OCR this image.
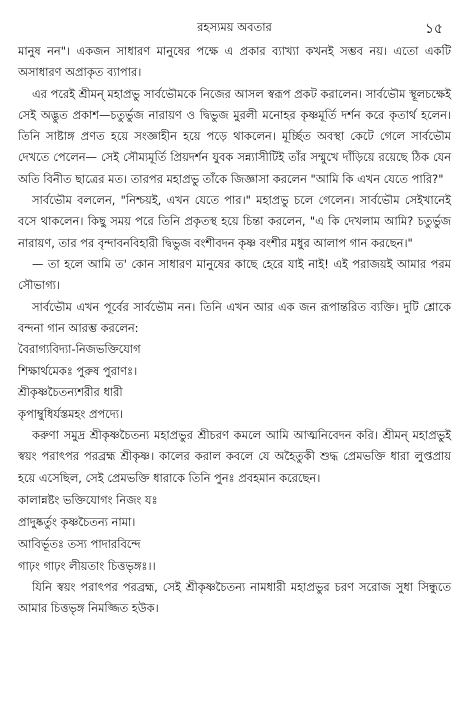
রহস্যময় অবতার	১৫

মানুষ নন"। একজন সাধারণ মানুষের পক্ষে এ প্রকার ব্যাখ্যা কখনই সম্ভব নয়। এতো একটি অসাধারণ অপ্রাকৃত ব্যাপার।

এর পরেই শ্রীমন্‌ মহাপ্রভু সার্বভৌমকে নিজের আসল স্বরূপ প্রকট করালেন। সার্বভৌম স্থূলচক্ষেই সেই অদ্ভুত প্রকাশ—চতুর্ভুজ নারায়ণ ও দ্বিভুজ মুরলী মনোহর কৃষ্ণমূর্তি দর্শন করে কৃতার্থ হলেন। তিনি সাষ্টাঙ্গ প্রণত হয়ে সংজ্ঞাহীন হয়ে পড়ে থাকলেন। মূর্চ্ছিত অবস্থা কেটে গেলে সার্বভৌম দেখতে পেলেন— সেই সৌম্যমূর্তি প্রিয়দর্শন যুবক সন্ন্যাসীটিই তাঁর সম্মুখে দাঁড়িয়ে রয়েছে ঠিক যেন অতি বিনীত ছাত্রের মত। তারপর মহাপ্রভু তাঁকে জিজ্ঞাসা করলেন "আমি কি এখন যেতে পারি?"

সার্বভৌম বললেন, "নিশ্চয়ই, এখন যেতে পার।" মহাপ্রভু চলে গেলেন। সার্বভৌম সেইখানেই বসে থাকলেন। কিছু সময় পরে তিনি প্রকৃতস্থ হয়ে চিন্তা করলেন, "এ কি দেখলাম আমি? চতুর্ভুজ নারায়ণ, তার পর বৃন্দাবনবিহারী দ্বিভুজ বংশীবদন কৃষ্ণ বংশীর মধুর আলাপ গান করছেন।"

— তা হলে আমি ত' কোন সাধারণ মানুষের কাছে হেরে যাই নাই! এই পরাজয়ই আমার পরম সৌভাগ্য।

সার্বভৌম এখন পূর্বের সার্বভৌম নন। তিনি এখন আর এক জন রূপান্তরিত ব্যক্তি। দুটি শ্লোকে বন্দনা গান আরম্ভ করলেন:

বৈরাগ্যবিদ্যা-নিজভক্তিযোগ

শিক্ষার্থমেকঃ পুরুষ পুরাণঃ।

শ্রীকৃষ্ণচৈতন্যশরীর ধারী

কৃপাম্বুধির্যস্তমহং প্রপদ্যে।

করুণা সমুদ্র শ্রীকৃষ্ণচৈতন্য মহাপ্রভুর শ্রীচরণ কমলে আমি আত্মনিবেদন করি। শ্রীমন্‌ মহাপ্রভুই স্বয়ং পরাৎপর পরব্রহ্ম শ্রীকৃষ্ণ। কালের করাল কবলে যে অহৈতুকী শুদ্ধ প্রেমভক্তি ধারা লুপ্তপ্রায় হয়ে এসেছিল, সেই প্রেমভক্তি ধারাকে তিনি পুনঃ প্রবহমান করেছেন।

কালান্নষ্টং ভক্তিযোগং নিজং যঃ

প্রাদুষ্কর্তুং কৃষ্ণচৈতন্য নামা।

আবির্ভূতঃ তস্য পাদারবিন্দে

গাঢ়ং গাঢ়ং লীয়তাং চিত্তভৃঙ্গঃ।।

যিনি স্বয়ং পরাৎপর পরব্রহ্ম, সেই শ্রীকৃষ্ণচৈতন্য নামধারী মহাপ্রভুর চরণ সরোজ সুধা সিন্ধুতে আমার চিত্তভৃঙ্গ নিমজ্জিত হউক।
